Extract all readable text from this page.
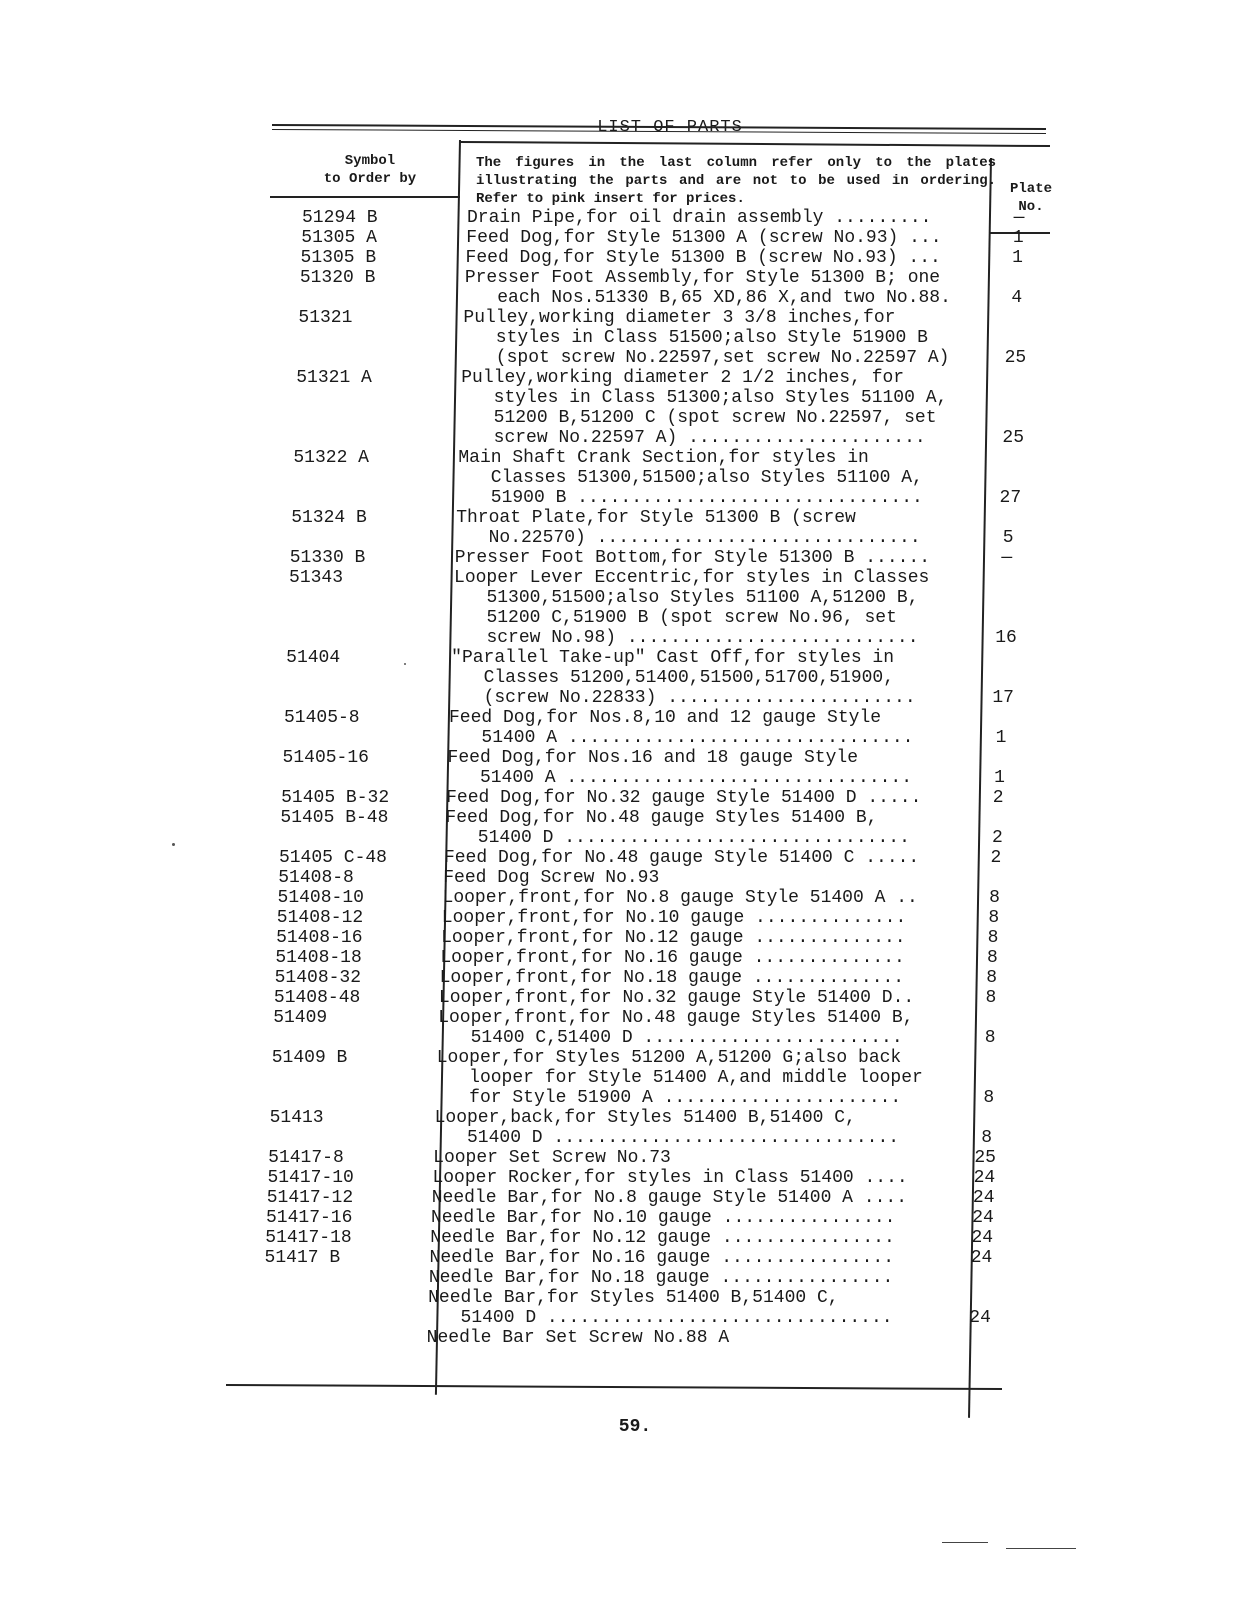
Symbol
to Order by
The figures in the last column refer only to the plates illustrating the parts and are not to be used in ordering. Refer to pink insert for prices.
Plate
No.
51294 B	Drain Pipe,for oil drain assembly .........	—
51305 A	Feed Dog,for Style 51300 A (screw No.93) ...	1
51305 B	Feed Dog,for Style 51300 B (screw No.93) ...	1
51320 B	Presser Foot Assembly,for Style 51300 B; one
each Nos.51330 B,65 XD,86 X,and two No.88.	4
51321	Pulley,working diameter 3 3/8 inches,for
styles in Class 51500;also Style 51900 B
(spot screw No.22597,set screw No.22597 A)	25
51321 A	Pulley,working diameter 2 1/2 inches, for
styles in Class 51300;also Styles 51100 A,
51200 B,51200 C (spot screw No.22597, set
screw No.22597 A) ......................	25
51322 A	Main Shaft Crank Section,for styles in
Classes 51300,51500;also Styles 51100 A,
51900 B ................................	27
51324 B	Throat Plate,for Style 51300 B (screw
No.22570) ..............................	5
51330 B	Presser Foot Bottom,for Style 51300 B ......	—
51343	Looper Lever Eccentric,for styles in Classes
51300,51500;also Styles 51100 A,51200 B,
51200 C,51900 B (spot screw No.96, set
screw No.98) ...........................	16
51404	"Parallel Take-up" Cast Off,for styles in
Classes 51200,51400,51500,51700,51900,
(screw No.22833) .......................	17
51405-8	Feed Dog,for Nos.8,10 and 12 gauge Style
51400 A ................................	1
51405-16	Feed Dog,for Nos.16 and 18 gauge Style
51400 A ................................	1
51405 B-32	Feed Dog,for No.32 gauge Style 51400 D .....	2
51405 B-48	Feed Dog,for No.48 gauge Styles 51400 B,
51400 D ................................	2
51405 C-48	Feed Dog,for No.48 gauge Style 51400 C .....	2
51408-8	Feed Dog Screw No.93
51408-10	Looper,front,for No.8 gauge Style 51400 A ..	8
51408-12	Looper,front,for No.10 gauge ..............	8
51408-16	Looper,front,for No.12 gauge ..............	8
51408-18	Looper,front,for No.16 gauge ..............	8
51408-32	Looper,front,for No.18 gauge ..............	8
51408-48	Looper,front,for No.32 gauge Style 51400 D..	8
51409	Looper,front,for No.48 gauge Styles 51400 B,
51400 C,51400 D ........................	8
51409 B	Looper,for Styles 51200 A,51200 G;also back
looper for Style 51400 A,and middle looper
for Style 51900 A ......................	8
51413	Looper,back,for Styles 51400 B,51400 C,
51400 D ................................	8
51417-8	Looper Set Screw No.73	25
51417-10	Looper Rocker,for styles in Class 51400 ....	24
51417-12	Needle Bar,for No.8 gauge Style 51400 A ....	24
51417-16	Needle Bar,for No.10 gauge ................	24
51417-18	Needle Bar,for No.12 gauge ................	24
51417 B	Needle Bar,for No.16 gauge ................	24
Needle Bar,for No.18 gauge ................
Needle Bar,for Styles 51400 B,51400 C,
51400 D ................................	24
Needle Bar Set Screw No.88 A
59.
